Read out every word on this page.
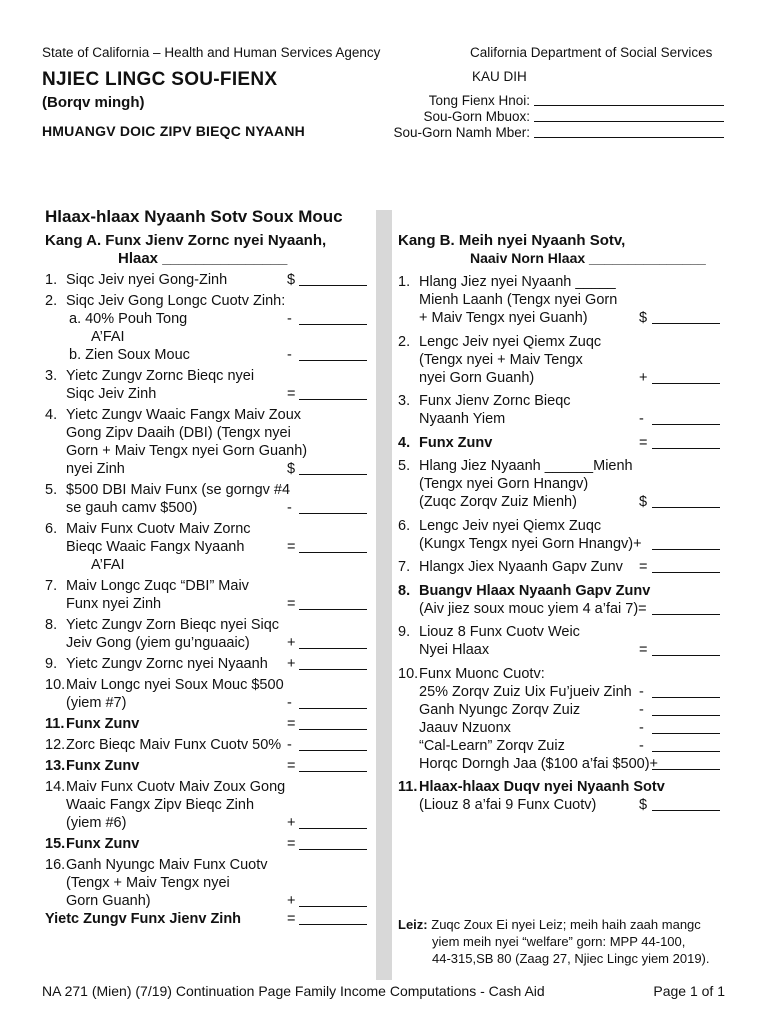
State of California – Health and Human Services Agency	California Department of Social Services
NJIEC LINGC SOU-FIENX
(Borqv mingh)
HMUANGV DOIC ZIPV BIEQC NYAANH
KAU DIH
Tong Fienx Hnoi:
Sou-Gorn Mbuox:
Sou-Gorn Namh Mber:
Hlaax-hlaax Nyaanh Sotv Soux Mouc
Kang A. Funx Jienv Zornc nyei Nyaanh,
Hlaax _______________
1. Siqc Jeiv nyei Gong-Zinh	$
2. Siqc Jeiv Gong Longc Cuotv Zinh:
a. 40% Pouh Tong	-
A’FAI
b. Zien Soux Mouc	-
3. Yietc Zungv Zornc Bieqc nyei
Siqc Jeiv Zinh	=
4. Yietc Zungv Waaic Fangx Maiv Zoux
Gong Zipv Daaih (DBI) (Tengx nyei
Gorn + Maiv Tengx nyei Gorn Guanh)
nyei Zinh	$
5. $500 DBI Maiv Funx (se gorngv #4
se gauh camv $500)	-
6. Maiv Funx Cuotv Maiv Zornc
Bieqc Waaic Fangx Nyaanh	=
A’FAI
7. Maiv Longc Zuqc “DBI” Maiv
Funx nyei Zinh	=
8. Yietc Zungv Zorn Bieqc nyei Siqc
Jeiv Gong (yiem gu’nguaaic)	+
9. Yietc Zungv Zornc nyei Nyaanh +
10. Maiv Longc nyei Soux Mouc $500
(yiem #7)	-
11. Funx Zunv	=
12. Zorc Bieqc Maiv Funx Cuotv 50% -
13. Funx Zunv	=
14. Maiv Funx Cuotv Maiv Zoux Gong
Waaic Fangx Zipv Bieqc Zinh
(yiem #6)	+
15. Funx Zunv	=
16. Ganh Nyungc Maiv Funx Cuotv
(Tengx + Maiv Tengx nyei
Gorn Guanh)	+
Yietc Zungv Funx Jienv Zinh	=
Kang B. Meih nyei Nyaanh Sotv,
Naaiv Norn Hlaax _______________
1. Hlang Jiez nyei Nyaanh _____
Mienh Laanh (Tengx nyei Gorn
+ Maiv Tengx nyei Guanh)	$
2. Lengc Jeiv nyei Qiemx Zuqc
(Tengx nyei + Maiv Tengx
nyei Gorn Guanh)	+
3. Funx Jienv Zornc Bieqc
Nyaanh Yiem	-
4. Funx Zunv	=
5. Hlang Jiez Nyaanh ______Mienh
(Tengx nyei Gorn Hnangv)
(Zuqc Zorqv Zuiz Mienh)	$
6. Lengc Jeiv nyei Qiemx Zuqc
(Kungx Tengx nyei Gorn Hnangv)+
7. Hlangx Jiex Nyaanh Gapv Zunv =
8. Buangv Hlaax Nyaanh Gapv Zunv
(Aiv jiez soux mouc yiem 4 a’fai 7)=
9. Liouz 8 Funx Cuotv Weic
Nyei Hlaax	=
10. Funx Muonc Cuotv:
25% Zorqv Zuiz Uix Fu’jueiv Zinh -
Ganh Nyungc Zorqv Zuiz	-
Jaauv Nzuonx	-
“Cal-Learn” Zorqv Zuiz	-
Horqc Dorngh Jaa ($100 a’fai $500)+
11. Hlaax-hlaax Duqv nyei Nyaanh Sotv
(Liouz 8 a’fai 9 Funx Cuotv)	$
Leiz: Zuqc Zoux Ei nyei Leiz; meih haih zaah mangc
yiem meih nyei “welfare” gorn: MPP 44-100,
44-315,SB 80 (Zaag 27, Njiec Lingc yiem 2019).
NA 271 (Mien) (7/19) Continuation Page Family Income Computations - Cash Aid	Page 1 of 1
